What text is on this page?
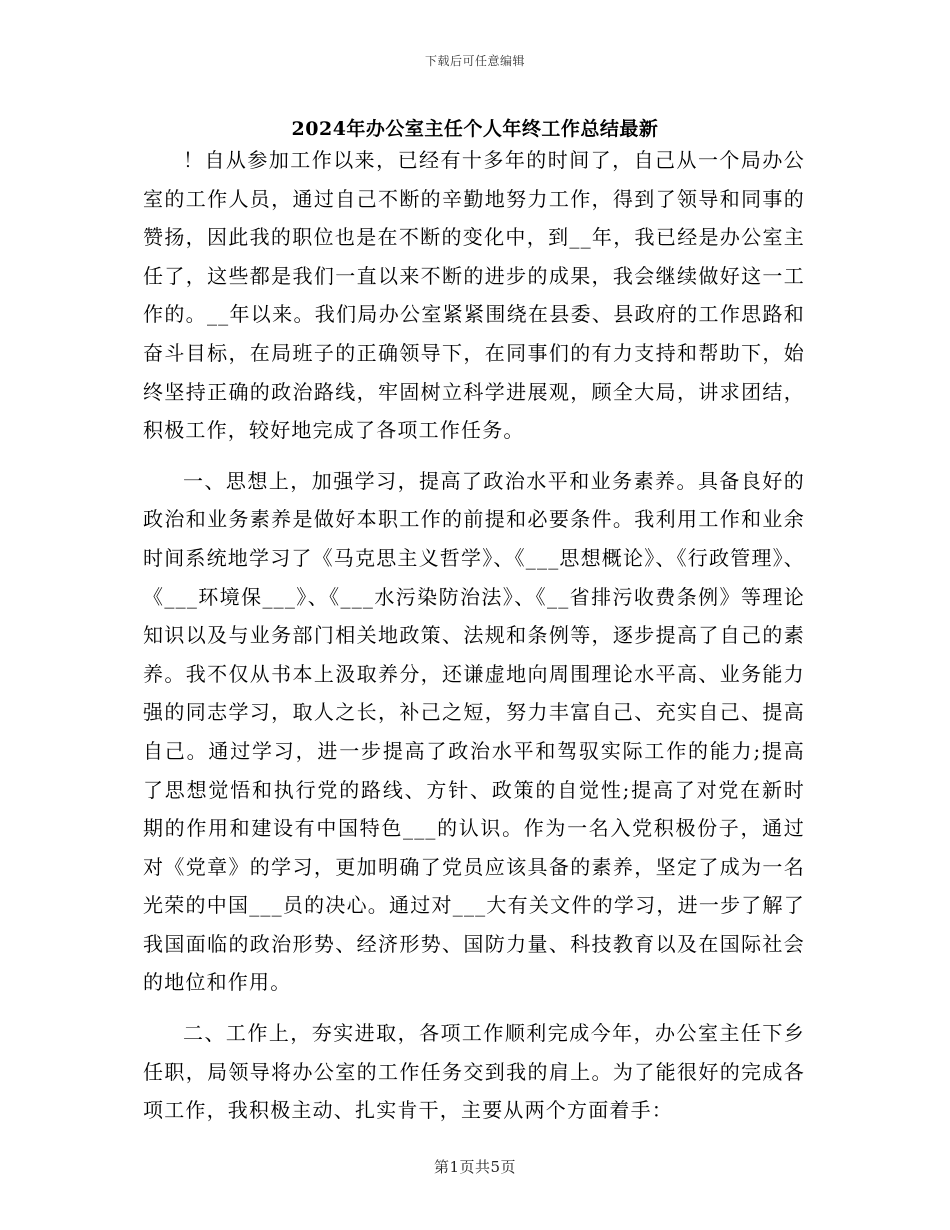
下载后可任意编辑
2024年办公室主任个人年终工作总结最新

！自从参加工作以来，已经有十多年的时间了，自己从一个局办公室的工作人员，通过自己不断的辛勤地努力工作，得到了领导和同事的赞扬，因此我的职位也是在不断的变化中，到__年，我已经是办公室主任了，这些都是我们一直以来不断的进步的成果，我会继续做好这一工作的。__年以来。我们局办公室紧紧围绕在县委、县政府的工作思路和奋斗目标，在局班子的正确领导下，在同事们的有力支持和帮助下，始终坚持正确的政治路线，牢固树立科学进展观，顾全大局，讲求团结，积极工作，较好地完成了各项工作任务。

一、思想上，加强学习，提高了政治水平和业务素养。具备良好的政治和业务素养是做好本职工作的前提和必要条件。我利用工作和业余时间系统地学习了《马克思主义哲学》、《___思想概论》、《行政管理》、《___环境保___》、《___水污染防治法》、《__省排污收费条例》等理论知识以及与业务部门相关地政策、法规和条例等，逐步提高了自己的素养。我不仅从书本上汲取养分，还谦虚地向周围理论水平高、业务能力强的同志学习，取人之长，补己之短，努力丰富自己、充实自己、提高自己。通过学习，进一步提高了政治水平和驾驭实际工作的能力;提高了思想觉悟和执行党的路线、方针、政策的自觉性;提高了对党在新时期的作用和建设有中国特色___的认识。作为一名入党积极份子，通过对《党章》的学习，更加明确了党员应该具备的素养，坚定了成为一名光荣的中国___员的决心。通过对___大有关文件的学习，进一步了解了我国面临的政治形势、经济形势、国防力量、科技教育以及在国际社会的地位和作用。

二、工作上，夯实进取，各项工作顺利完成今年，办公室主任下乡任职，局领导将办公室的工作任务交到我的肩上。为了能很好的完成各项工作，我积极主动、扎实肯干，主要从两个方面着手：

第1页共5页
